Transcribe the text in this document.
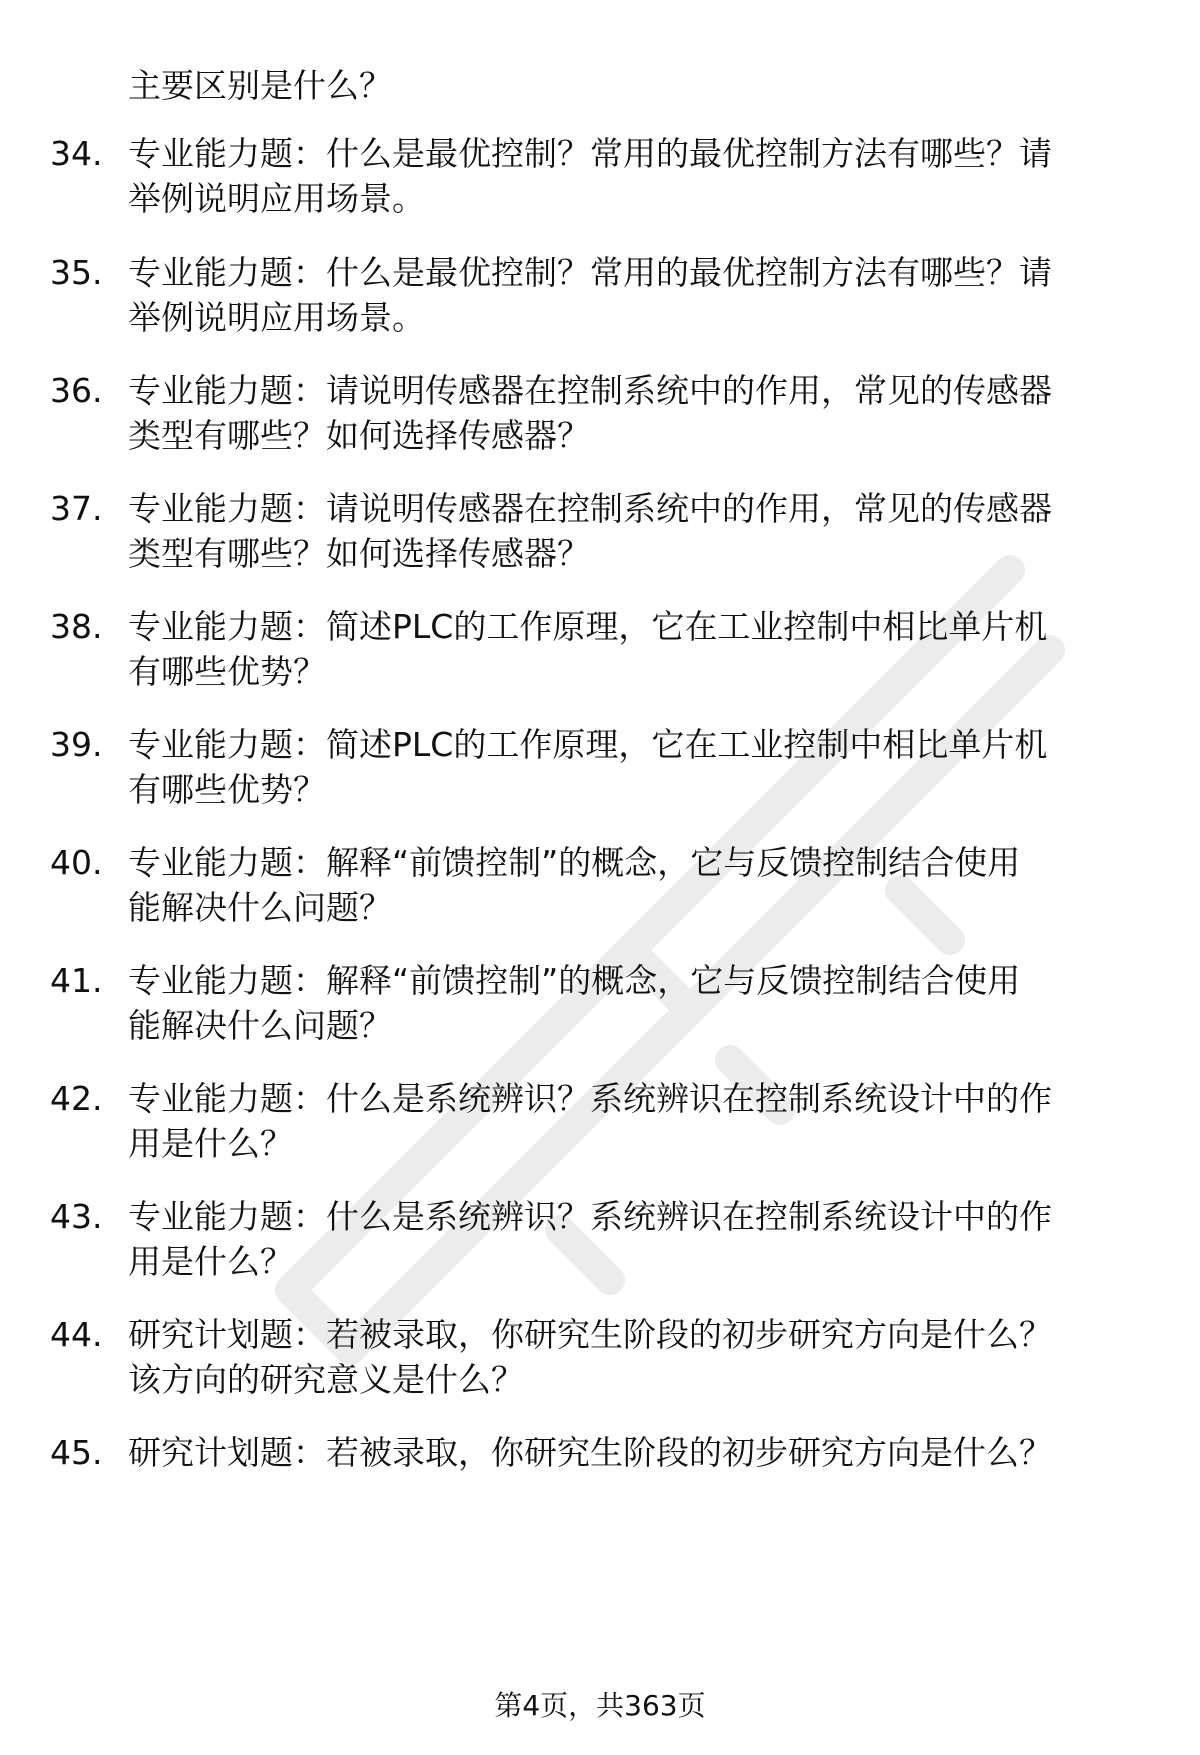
主要区别是什么？
34. 专业能力题：什么是最优控制？常用的最优控制方法有哪些？请
举例说明应用场景。
35. 专业能力题：什么是最优控制？常用的最优控制方法有哪些？请
举例说明应用场景。
36. 专业能力题：请说明传感器在控制系统中的作用，常见的传感器
类型有哪些？如何选择传感器？
37. 专业能力题：请说明传感器在控制系统中的作用，常见的传感器
类型有哪些？如何选择传感器？
38. 专业能力题：简述PLC的工作原理，它在工业控制中相比单片机
有哪些优势？
39. 专业能力题：简述PLC的工作原理，它在工业控制中相比单片机
有哪些优势？
40. 专业能力题：解释“前馈控制”的概念，它与反馈控制结合使用
能解决什么问题？
41. 专业能力题：解释“前馈控制”的概念，它与反馈控制结合使用
能解决什么问题？
42. 专业能力题：什么是系统辨识？系统辨识在控制系统设计中的作
用是什么？
43. 专业能力题：什么是系统辨识？系统辨识在控制系统设计中的作
用是什么？
44. 研究计划题：若被录取，你研究生阶段的初步研究方向是什么？
该方向的研究意义是什么？
45. 研究计划题：若被录取，你研究生阶段的初步研究方向是什么？
第4页，共363页
